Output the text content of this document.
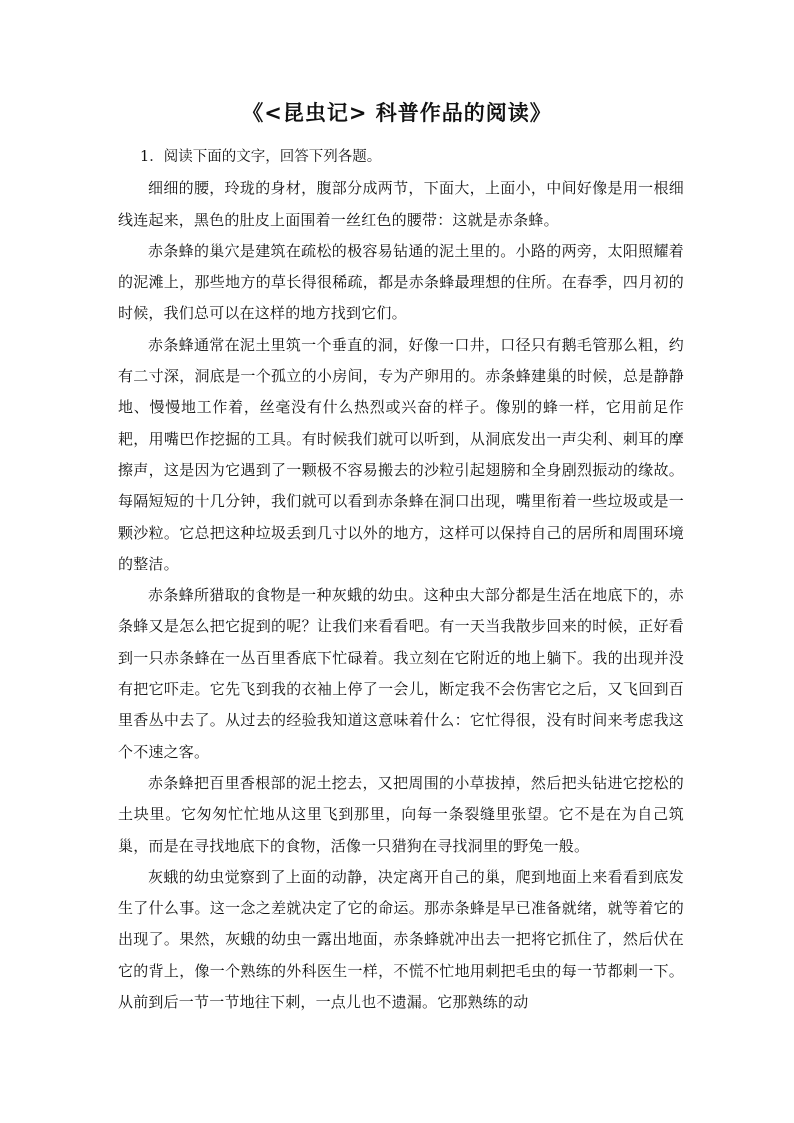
《<昆虫记> 科普作品的阅读》

1．阅读下面的文字，回答下列各题。

细细的腰，玲珑的身材，腹部分成两节，下面大，上面小，中间好像是用一根细线连起来，黑色的肚皮上面围着一丝红色的腰带：这就是赤条蜂。

赤条蜂的巢穴是建筑在疏松的极容易钻通的泥土里的。小路的两旁，太阳照耀着的泥滩上，那些地方的草长得很稀疏，都是赤条蜂最理想的住所。在春季，四月初的时候，我们总可以在这样的地方找到它们。

赤条蜂通常在泥土里筑一个垂直的洞，好像一口井，口径只有鹅毛管那么粗，约有二寸深，洞底是一个孤立的小房间，专为产卵用的。赤条蜂建巢的时候，总是静静地、慢慢地工作着，丝毫没有什么热烈或兴奋的样子。像别的蜂一样，它用前足作耙，用嘴巴作挖掘的工具。有时候我们就可以听到，从洞底发出一声尖利、刺耳的摩擦声，这是因为它遇到了一颗极不容易搬去的沙粒引起翅膀和全身剧烈振动的缘故。每隔短短的十几分钟，我们就可以看到赤条蜂在洞口出现，嘴里衔着一些垃圾或是一颗沙粒。它总把这种垃圾丢到几寸以外的地方，这样可以保持自己的居所和周围环境的整洁。

赤条蜂所猎取的食物是一种灰蛾的幼虫。这种虫大部分都是生活在地底下的，赤条蜂又是怎么把它捉到的呢？让我们来看看吧。有一天当我散步回来的时候，正好看到一只赤条蜂在一丛百里香底下忙碌着。我立刻在它附近的地上躺下。我的出现并没有把它吓走。它先飞到我的衣袖上停了一会儿，断定我不会伤害它之后，又飞回到百里香丛中去了。从过去的经验我知道这意味着什么：它忙得很，没有时间来考虑我这个不速之客。

赤条蜂把百里香根部的泥土挖去，又把周围的小草拔掉，然后把头钻进它挖松的土块里。它匆匆忙忙地从这里飞到那里，向每一条裂缝里张望。它不是在为自己筑巢，而是在寻找地底下的食物，活像一只猎狗在寻找洞里的野兔一般。

灰蛾的幼虫觉察到了上面的动静，决定离开自己的巢，爬到地面上来看看到底发生了什么事。这一念之差就决定了它的命运。那赤条蜂是早已准备就绪，就等着它的出现了。果然，灰蛾的幼虫一露出地面，赤条蜂就冲出去一把将它抓住了，然后伏在它的背上，像一个熟练的外科医生一样，不慌不忙地用刺把毛虫的每一节都刺一下。从前到后一节一节地往下刺，一点儿也不遗漏。它那熟练的动
